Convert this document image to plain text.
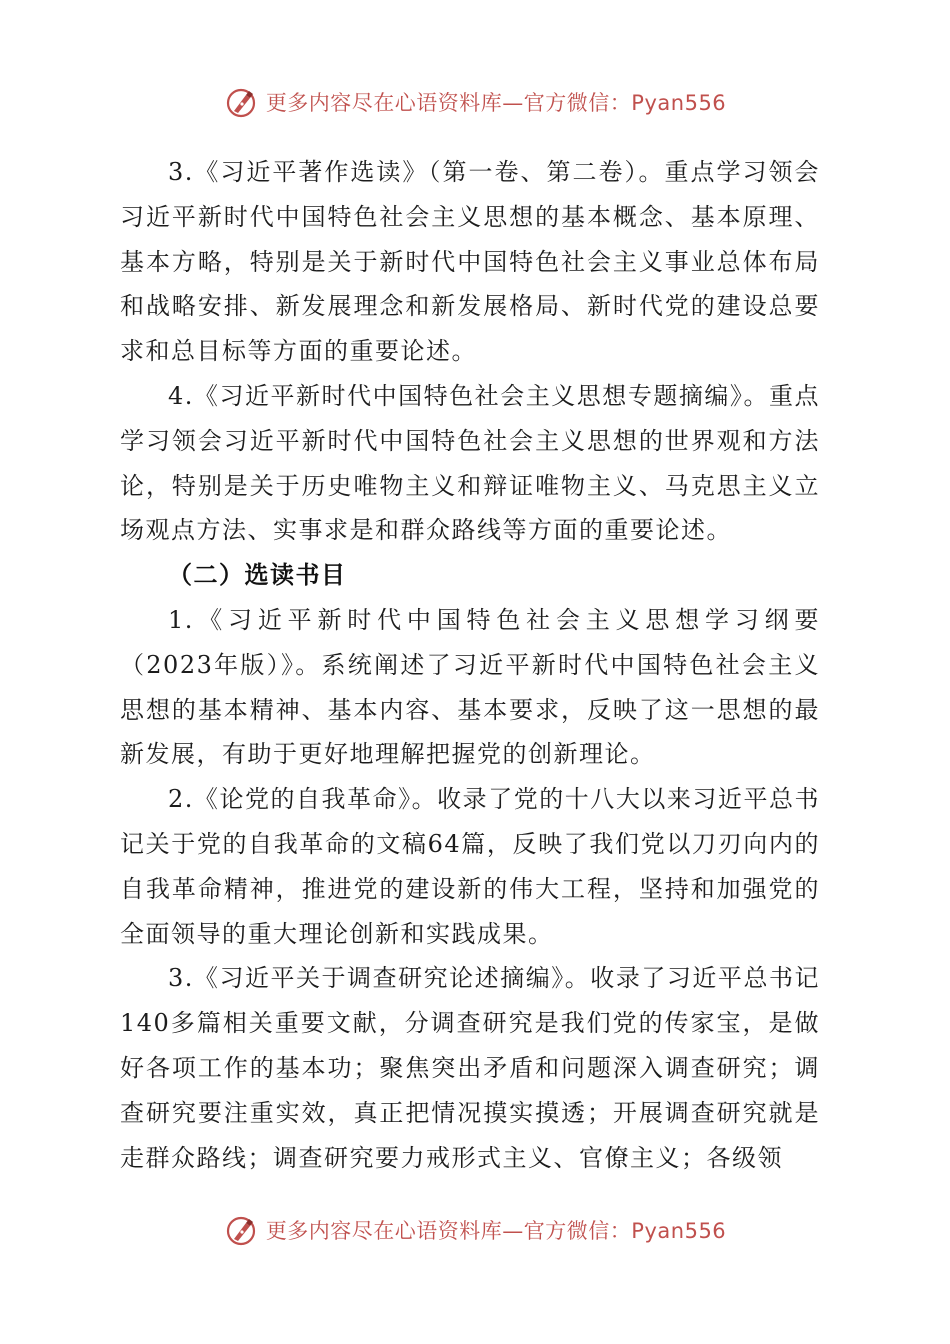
更多内容尽在心语资料库—官方微信：Pyan556

3.《习近平著作选读》（第一卷、第二卷）。重点学习领会习近平新时代中国特色社会主义思想的基本概念、基本原理、基本方略，特别是关于新时代中国特色社会主义事业总体布局和战略安排、新发展理念和新发展格局、新时代党的建设总要求和总目标等方面的重要论述。

4.《习近平新时代中国特色社会主义思想专题摘编》。重点学习领会习近平新时代中国特色社会主义思想的世界观和方法论，特别是关于历史唯物主义和辩证唯物主义、马克思主义立场观点方法、实事求是和群众路线等方面的重要论述。

（二）选读书目

1.《习近平新时代中国特色社会主义思想学习纲要（2023年版）》。系统阐述了习近平新时代中国特色社会主义思想的基本精神、基本内容、基本要求，反映了这一思想的最新发展，有助于更好地理解把握党的创新理论。

2.《论党的自我革命》。收录了党的十八大以来习近平总书记关于党的自我革命的文稿64篇，反映了我们党以刀刃向内的自我革命精神，推进党的建设新的伟大工程，坚持和加强党的全面领导的重大理论创新和实践成果。

3.《习近平关于调查研究论述摘编》。收录了习近平总书记140多篇相关重要文献，分调查研究是我们党的传家宝，是做好各项工作的基本功；聚焦突出矛盾和问题深入调查研究；调查研究要注重实效，真正把情况摸实摸透；开展调查研究就是走群众路线；调查研究要力戒形式主义、官僚主义；各级领

更多内容尽在心语资料库—官方微信：Pyan556
